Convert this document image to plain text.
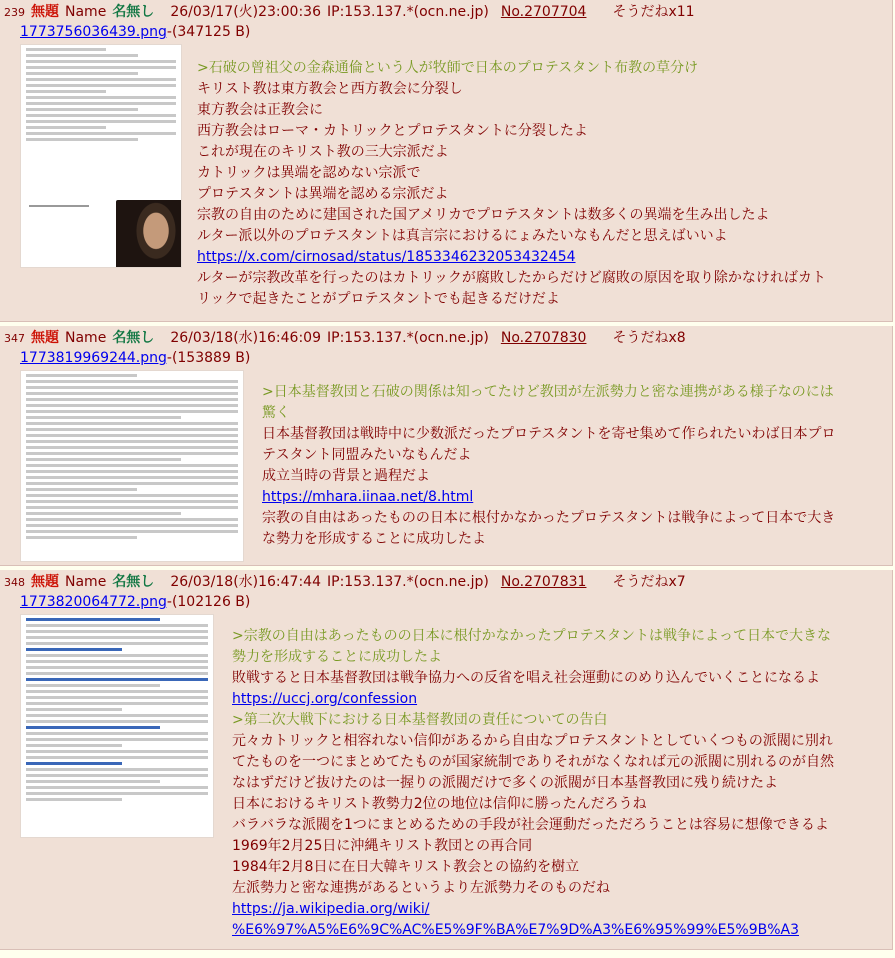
239 無題 Name 名無し 26/03/17(火)23:00:36 IP:153.137.*(ocn.ne.jp) No.2707704 そうだねx11
1773756036439.png-(347125 B)
>石破の曾祖父の金森通倫という人が牧師で日本のプロテスタント布教の草分け
キリスト教は東方教会と西方教会に分裂し
東方教会は正教会に
西方教会はローマ・カトリックとプロテスタントに分裂したよ
これが現在のキリスト教の三大宗派だよ
カトリックは異端を認めない宗派で
プロテスタントは異端を認める宗派だよ
宗教の自由のために建国された国アメリカでプロテスタントは数多くの異端を生み出したよ
ルター派以外のプロテスタントは真言宗におけるにょみたいなもんだと思えばいいよ
https://x.com/cirnosad/status/1853346232053432454
ルターが宗教改革を行ったのはカトリックが腐敗したからだけど腐敗の原因を取り除かなければカト
リックで起きたことがプロテスタントでも起きるだけだよ
347 無題 Name 名無し 26/03/18(水)16:46:09 IP:153.137.*(ocn.ne.jp) No.2707830 そうだねx8
1773819969244.png-(153889 B)
>日本基督教団と石破の関係は知ってたけど教団が左派勢力と密な連携がある様子なのには
驚く
日本基督教団は戦時中に少数派だったプロテスタントを寄せ集めて作られたいわば日本プロ
テスタント同盟みたいなもんだよ
成立当時の背景と過程だよ
https://mhara.iinaa.net/8.html
宗教の自由はあったものの日本に根付かなかったプロテスタントは戦争によって日本で大き
な勢力を形成することに成功したよ
348 無題 Name 名無し 26/03/18(水)16:47:44 IP:153.137.*(ocn.ne.jp) No.2707831 そうだねx7
1773820064772.png-(102126 B)
>宗教の自由はあったものの日本に根付かなかったプロテスタントは戦争によって日本で大きな
勢力を形成することに成功したよ
敗戦すると日本基督教団は戦争協力への反省を唱え社会運動にのめり込んでいくことになるよ
https://uccj.org/confession
>第二次大戦下における日本基督教団の責任についての告白
元々カトリックと相容れない信仰があるから自由なプロテスタントとしていくつもの派閥に別れ
てたものを一つにまとめてたものが国家統制でありそれがなくなれば元の派閥に別れるのが自然
なはずだけど抜けたのは一握りの派閥だけで多くの派閥が日本基督教団に残り続けたよ
日本におけるキリスト教勢力2位の地位は信仰に勝ったんだろうね
バラバラな派閥を1つにまとめるための手段が社会運動だっただろうことは容易に想像できるよ
1969年2月25日に沖縄キリスト教団との再合同
1984年2月8日に在日大韓キリスト教会との協約を樹立
左派勢力と密な連携があるというより左派勢力そのものだね
https://ja.wikipedia.org/wiki/
%E6%97%A5%E6%9C%AC%E5%9F%BA%E7%9D%A3%E6%95%99%E5%9B%A3
